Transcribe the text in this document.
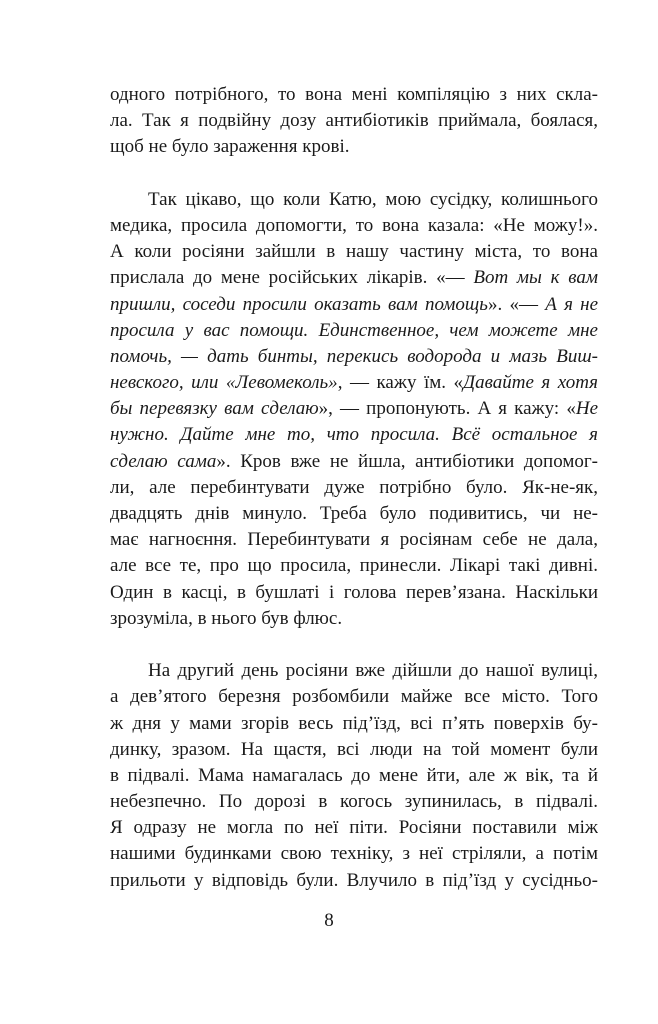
одного потрібного, то вона мені компіляцію з них скла-
ла. Так я подвійну дозу антибіотиків приймала, боялася,
щоб не було зараження крові.
Так цікаво, що коли Катю, мою сусідку, колишнього
медика, просила допомогти, то вона казала: «Не можу!».
А коли росіяни зайшли в нашу частину міста, то вона
прислала до мене російських лікарів. «— Вот мы к вам
пришли, соседи просили оказать вам помощь». «— А я не
просила у вас помощи. Единственное, чем можете мне
помочь, — дать бинты, перекись водорода и мазь Виш-
невского, или «Левомеколь», — кажу їм. «Давайте я хотя
бы перевязку вам сделаю», — пропонують. А я кажу: «Не
нужно. Дайте мне то, что просила. Всё остальное я
сделаю сама». Кров вже не йшла, антибіотики допомог-
ли, але перебинтувати дуже потрібно було. Як-не-як,
двадцять днів минуло. Треба було подивитись, чи не-
має нагноєння. Перебинтувати я росіянам себе не дала,
але все те, про що просила, принесли. Лікарі такі дивні.
Один в касці, в бушлаті і голова перев’язана. Наскільки
зрозуміла, в нього був флюс.
На другий день росіяни вже дійшли до нашої вулиці,
а дев’ятого березня розбомбили майже все місто. Того
ж дня у мами згорів весь під’їзд, всі п’ять поверхів бу-
динку, зразом. На щастя, всі люди на той момент були
в підвалі. Мама намагалась до мене йти, але ж вік, та й
небезпечно. По дорозі в когось зупинилась, в підвалі.
Я одразу не могла по неї піти. Росіяни поставили між
нашими будинками свою техніку, з неї стріляли, а потім
прильоти у відповідь були. Влучило в під’їзд у сусідньо-
8
